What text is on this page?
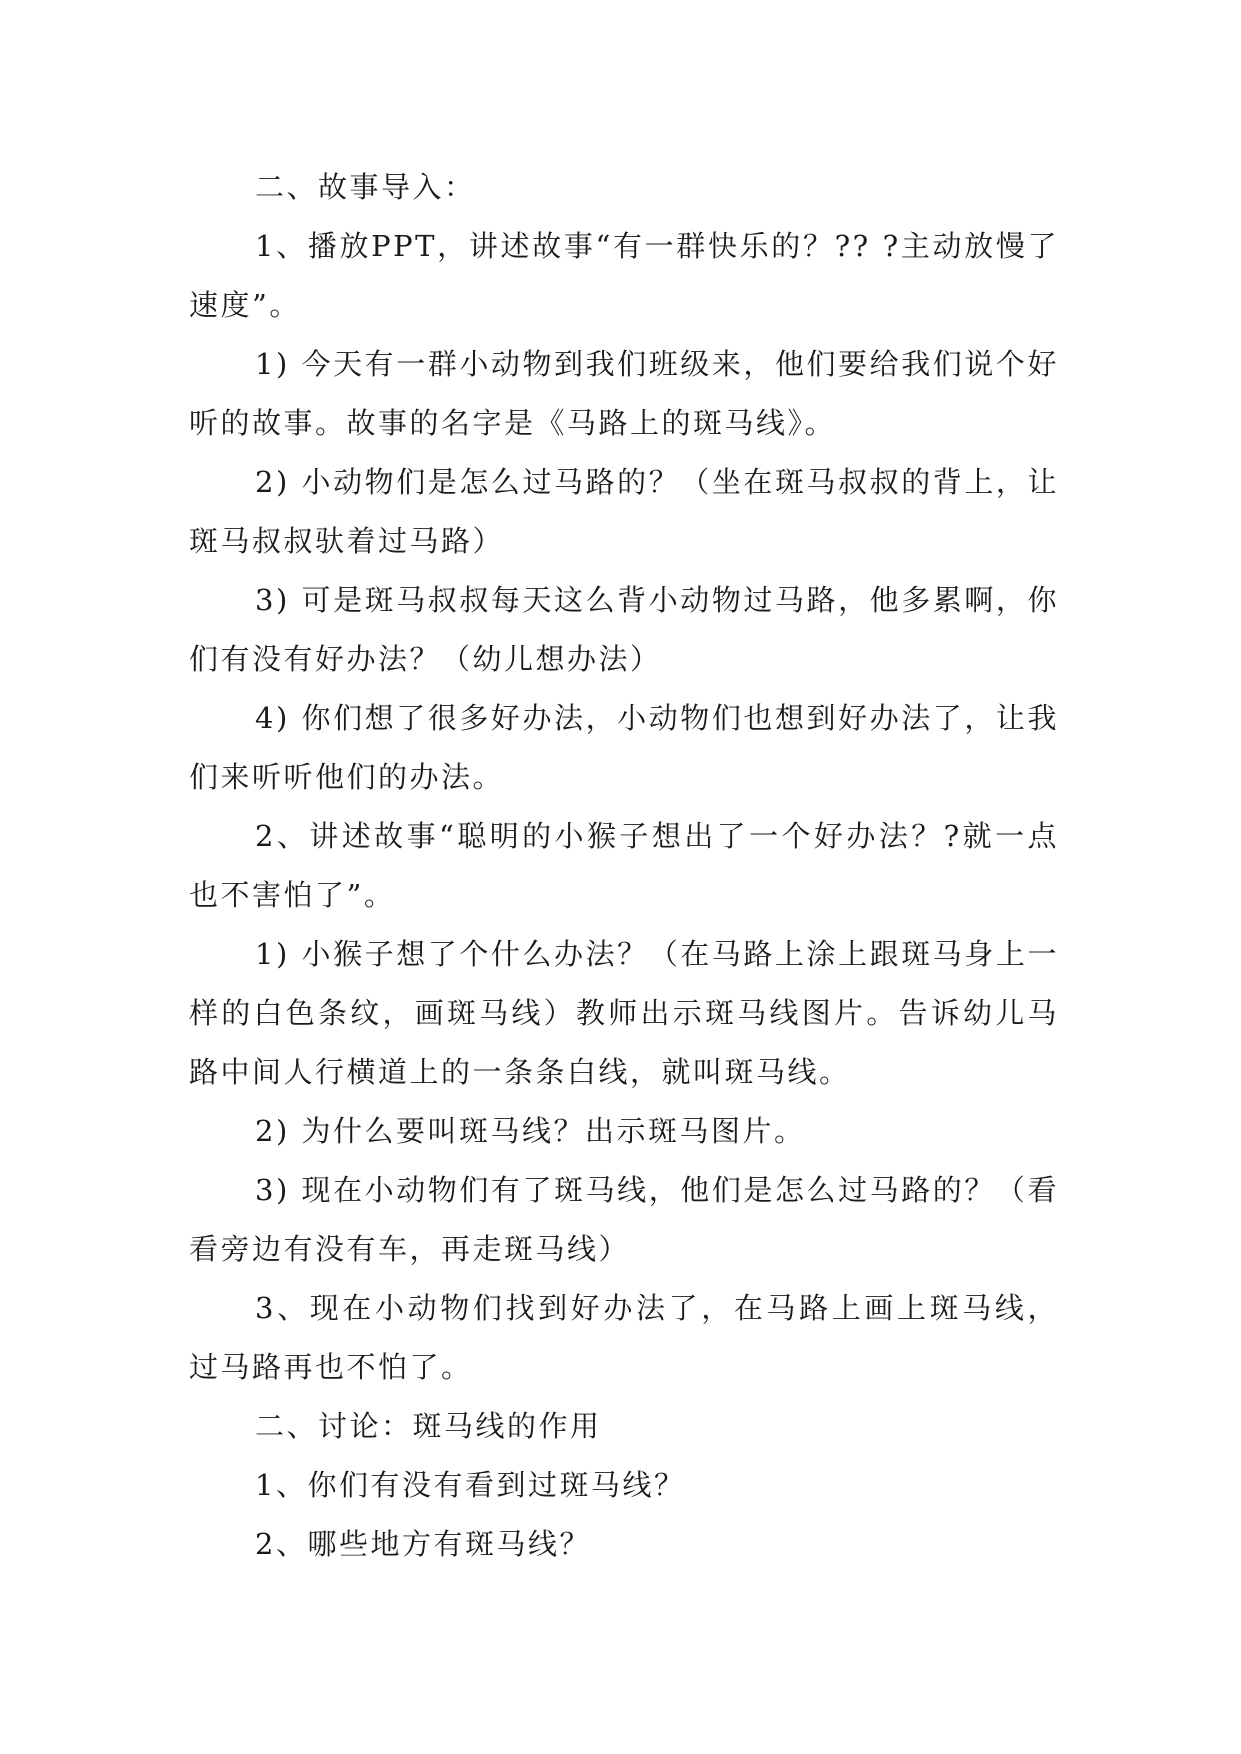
二、故事导入：

1、播放PPT，讲述故事“有一群快乐的？?? ?主动放慢了速度”。

1) 今天有一群小动物到我们班级来，他们要给我们说个好听的故事。故事的名字是《马路上的斑马线》。

2) 小动物们是怎么过马路的？（坐在斑马叔叔的背上，让斑马叔叔驮着过马路）

3) 可是斑马叔叔每天这么背小动物过马路，他多累啊，你们有没有好办法？（幼儿想办法）

4) 你们想了很多好办法，小动物们也想到好办法了，让我们来听听他们的办法。

2、讲述故事“聪明的小猴子想出了一个好办法？?就一点也不害怕了”。

1) 小猴子想了个什么办法？（在马路上涂上跟斑马身上一样的白色条纹，画斑马线）教师出示斑马线图片。告诉幼儿马路中间人行横道上的一条条白线，就叫斑马线。

2) 为什么要叫斑马线？出示斑马图片。

3) 现在小动物们有了斑马线，他们是怎么过马路的？（看看旁边有没有车，再走斑马线）

3、现在小动物们找到好办法了，在马路上画上斑马线，过马路再也不怕了。

二、讨论：斑马线的作用

1、你们有没有看到过斑马线？

2、哪些地方有斑马线？
